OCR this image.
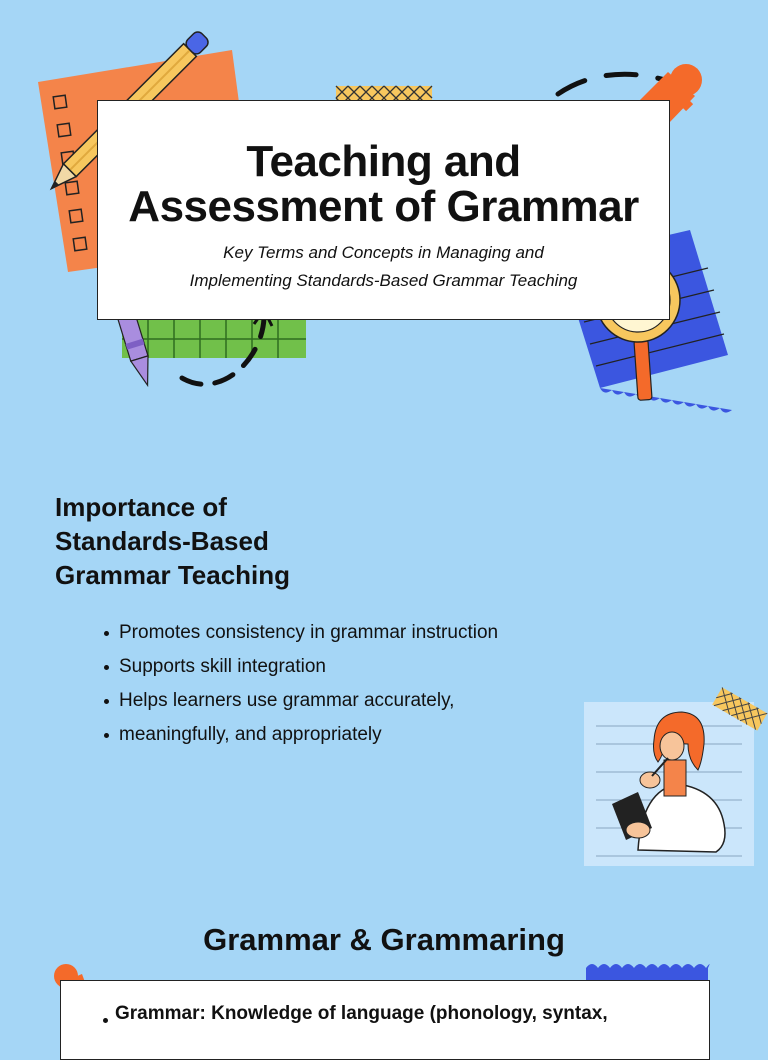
Teaching and
Assessment of Grammar
Key Terms and Concepts in Managing and
Implementing Standards-Based Grammar Teaching
Importance of
Standards-Based
Grammar Teaching
Promotes consistency in grammar instruction
Supports skill integration
Helps learners use grammar accurately,
meaningfully, and appropriately
Grammar & Grammaring
Grammar: Knowledge of language (phonology, syntax,
